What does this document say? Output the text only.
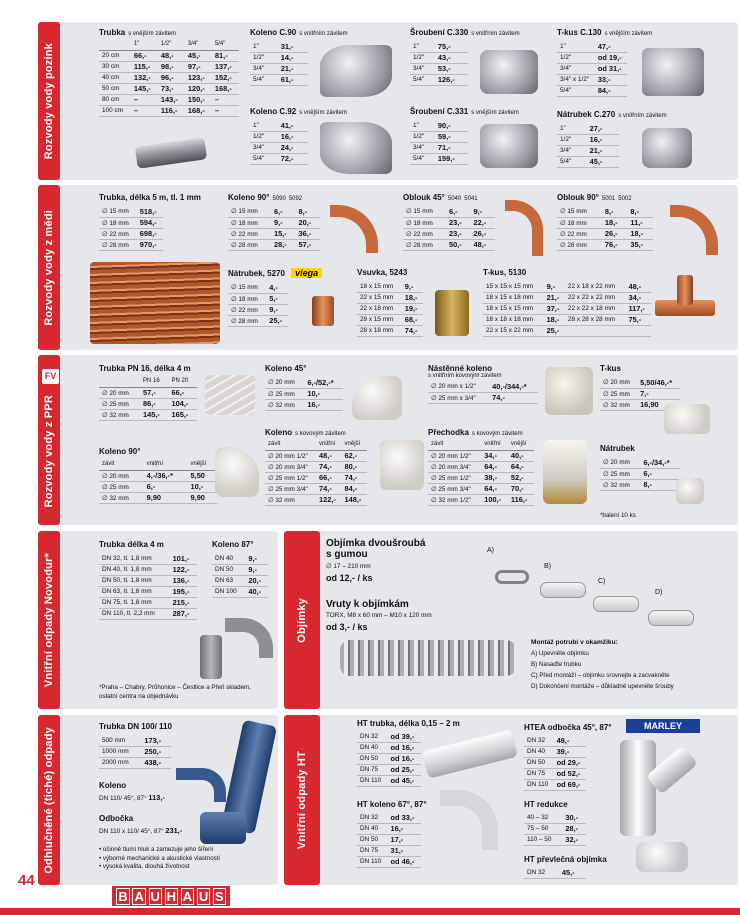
Rozvody vody pozink
Trubka s vnějším závitem
	1"	1/2"	3/4"	5/4"
20 cm	66,-	48,-	45,-	81,-
30 cm	115,-	98,-	97,-	137,-
40 cm	132,-	96,-	123,-	152,-
50 cm	145,-	73,-	120,-	168,-
80 cm	–	143,-	150,-	–
100 cm	–	116,-	168,-	–
Koleno C.90 s vnitřním závitem
1"	31,-
1/2"	14,-
3/4"	21,-
5/4"	61,-
Koleno C.92 s vnějším závitem
1"	41,-
1/2"	16,-
3/4"	24,-
5/4"	72,-
Šroubení C.330 s vnitřním závitem
1"	75,-
1/2"	43,-
3/4"	53,-
5/4"	126,-
Šroubení C.331 s vnějším závitem
1"	90,-
1/2"	59,-
3/4"	71,-
5/4"	159,-
T-kus C.130 s vnějším závitem
1"	47,-
1/2"	od 19,-
3/4"	od 31,-
3/4" x 1/2"	33,-
5/4"	84,-
Nátrubek C.270 s vnitřním závitem
1"	27,-
1/2"	16,-
3/4"	21,-
5/4"	45,-
Rozvody vody z mědi
Trubka, délka 5 m, tl. 1 mm
∅ 15 mm	518,-
∅ 18 mm	594,-
∅ 22 mm	698,-
∅ 28 mm	970,-
Koleno 90° 5090 5092
∅ 15 mm	6,-	8,-
∅ 18 mm	9,-	20,-
∅ 22 mm	15,-	36,-
∅ 28 mm	28,-	57,-
Oblouk 45° 5040 5041
∅ 15 mm	6,-	9,-
∅ 18 mm	23,-	22,-
∅ 22 mm	23,-	26,-
∅ 28 mm	50,-	48,-
Oblouk 90° 5001 5002
∅ 15 mm	8,-	8,-
∅ 18 mm	18,-	11,-
∅ 22 mm	26,-	18,-
∅ 28 mm	76,-	35,-
Nátrubek, 5270 viega
∅ 15 mm	4,-
∅ 18 mm	5,-
∅ 22 mm	9,-
∅ 28 mm	25,-
Vsuvka, 5243
18 x 15 mm	9,-
22 x 15 mm	18,-
22 x 18 mm	19,-
28 x 15 mm	68,-
28 x 18 mm	74,-
T-kus, 5130
15 x 15 x 15 mm	9,-	22 x 18 x 22 mm	48,-
18 x 15 x 18 mm	21,-	22 x 22 x 22 mm	34,-
18 x 15 x 15 mm	37,-	22 x 22 x 18 mm	117,-
18 x 18 x 18 mm	18,-	28 x 28 x 28 mm	75,-
22 x 15 x 22 mm	25,-		
Rozvody vody z PPR
FV
Trubka PN 16, délka 4 m
	PN 16	PN 20
∅ 20 mm	57,-	66,-
∅ 25 mm	86,-	104,-
∅ 32 mm	145,-	165,-
Koleno 90°
závit	vnitřní	vnější
∅ 20 mm	4,-/36,-*	5,50
∅ 25 mm	6,-	10,-
∅ 32 mm	9,90	9,90
Koleno 45°
∅ 20 mm	6,-/52,-*
∅ 25 mm	10,-
∅ 32 mm	16,-
Koleno s kovovým závitem
závit	vnitřní	vnější
∅ 20 mm 1/2"	48,-	62,-
∅ 20 mm 3/4"	74,-	80,-
∅ 25 mm 1/2"	66,-	74,-
∅ 25 mm 3/4"	74,-	84,-
∅ 32 mm	122,-	148,-
Nástěnné koleno
s vnitřním kovovým závitem
∅ 20 mm x 1/2"	40,-/344,-*
∅ 25 mm x 3/4"	74,-
Přechodka s kovovým závitem
závit	vnitřní	vnější
∅ 20 mm 1/2"	34,-	40,-
∅ 20 mm 3/4"	64,-	64,-
∅ 25 mm 1/2"	38,-	52,-
∅ 25 mm 3/4"	64,-	70,-
∅ 32 mm 1/2"	100,-	116,-
T-kus
∅ 20 mm	5,50/46,-*
∅ 25 mm	7,-
∅ 32 mm	16,90
Nátrubek
∅ 20 mm	6,-/34,-*
∅ 25 mm	6,-
∅ 32 mm	8,-
*balení 10 ks
Vnitřní odpady Novodur*
Trubka délka 4 m
DN 32, tl. 1,8 mm	101,-
DN 40, tl. 1,8 mm	122,-
DN 50, tl. 1,8 mm	136,-
DN 63, tl. 1,8 mm	195,-
DN 75, tl. 1,8 mm	215,-
DN 110, tl. 2,2 mm	287,-
Koleno 87°
DN 40	9,-
DN 50	9,-
DN 63	20,-
DN 100	40,-
*Praha – Chabry, Průhonice – Čestlice a Přeň skladem, ostatní centra na objednávku
Objímky
Objímka dvoušroubá
s gumou
∅ 17 – 210 mm
od 12,- / ks
Vruty k objímkám
TORX, M8 x 60 mm – M10 x 120 mm
od 3,- / ks
A)
B)
C)
D)
Montáž potrubí v okamžiku:
A) Upevněte objímku
B) Nasaďte trubku
C) Před montáží – objímku srovnejte a zacvakněte
D) Dokončení montáže – důkladně upevněte šrouby
Odhlučněné (tiché) odpady
Trubka DN 100/ 110
500 mm	173,-
1000 mm	250,-
2000 mm	438,-
Koleno
DN 110/ 45°, 87° 113,-
Odbočka
DN 110 x 110/ 45°, 87° 231,-
• účinně tlumí hluk a zamezuje jeho šíření
• výborné mechanické a akustické vlastnosti
• vysoká kvalita, dlouhá životnost
Vnitřní odpady HT
HT trubka, délka 0,15 – 2 m
DN 32	od 39,-
DN 40	od 16,-
DN 50	od 16,-
DN 75	od 25,-
DN 110	od 45,-
HT koleno 67°, 87°
DN 32	od 33,-
DN 40	16,-
DN 50	17,-
DN 75	31,-
DN 110	od 46,-
MARLEY
HTEA odbočka 45°, 87°
DN 32	49,-
DN 40	39,-
DN 50	od 29,-
DN 75	od 52,-
DN 110	od 69,-
HT redukce
40 – 32	30,-
75 – 50	28,-
110 – 50	32,-
HT převlečná objímka
DN 32	45,-
44
B A U H A U S
